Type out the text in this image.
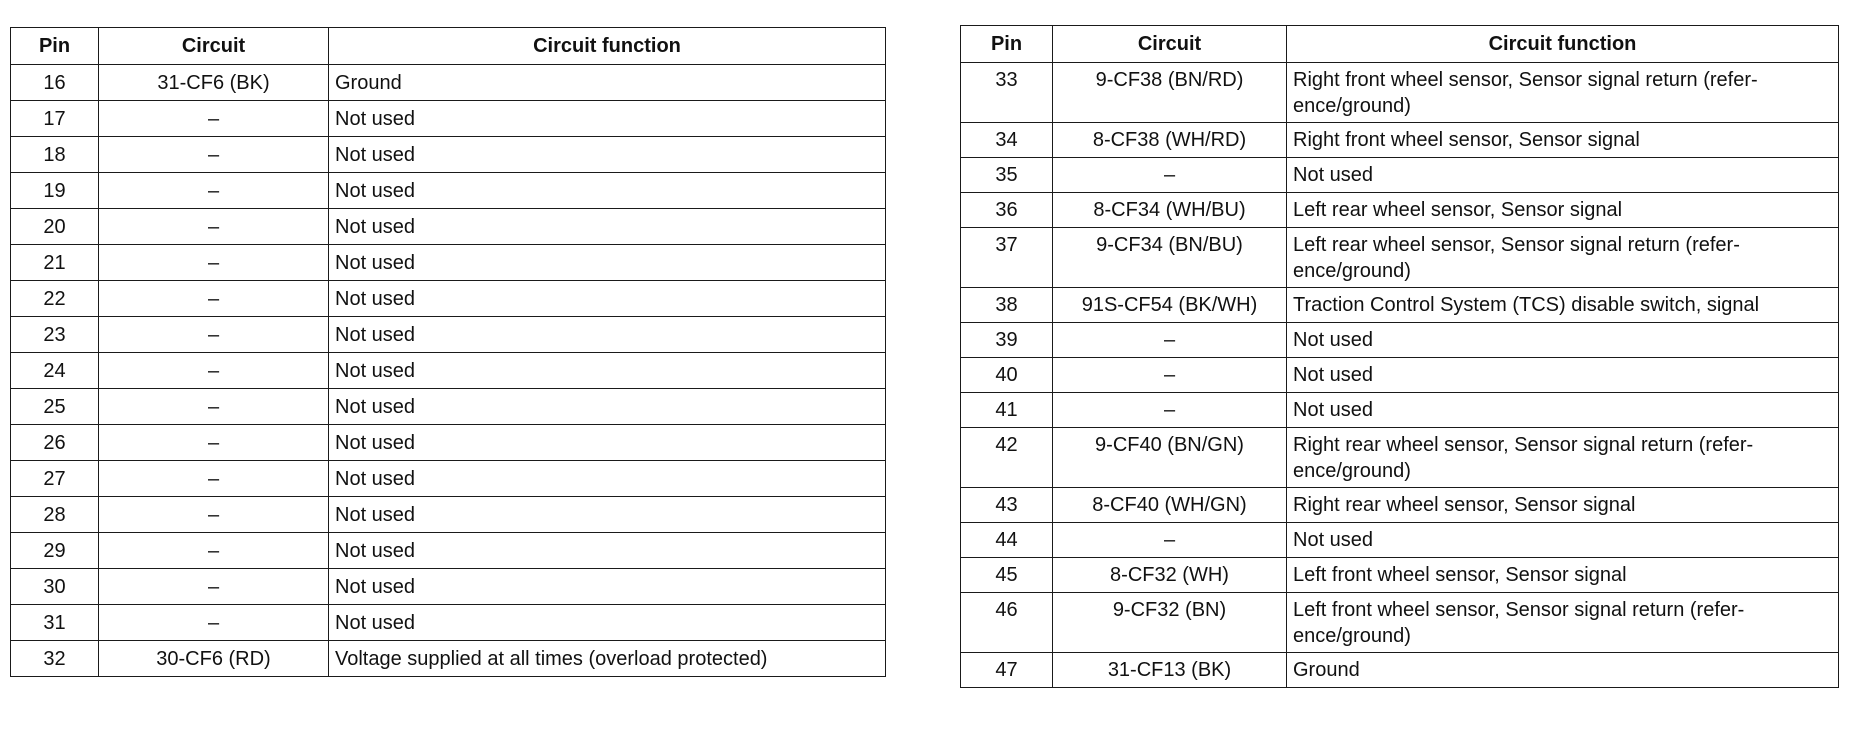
Pin	Circuit	Circuit function
16	31-CF6 (BK)	Ground
17	–	Not used
18	–	Not used
19	–	Not used
20	–	Not used
21	–	Not used
22	–	Not used
23	–	Not used
24	–	Not used
25	–	Not used
26	–	Not used
27	–	Not used
28	–	Not used
29	–	Not used
30	–	Not used
31	–	Not used
32	30-CF6 (RD)	Voltage supplied at all times (overload protected)
Pin	Circuit	Circuit function
33	9-CF38 (BN/RD)	Right front wheel sensor, Sensor signal return (refer-ence/ground)
34	8-CF38 (WH/RD)	Right front wheel sensor, Sensor signal
35	–	Not used
36	8-CF34 (WH/BU)	Left rear wheel sensor, Sensor signal
37	9-CF34 (BN/BU)	Left rear wheel sensor, Sensor signal return (refer-ence/ground)
38	91S-CF54 (BK/WH)	Traction Control System (TCS) disable switch, signal
39	–	Not used
40	–	Not used
41	–	Not used
42	9-CF40 (BN/GN)	Right rear wheel sensor, Sensor signal return (refer-ence/ground)
43	8-CF40 (WH/GN)	Right rear wheel sensor, Sensor signal
44	–	Not used
45	8-CF32 (WH)	Left front wheel sensor, Sensor signal
46	9-CF32 (BN)	Left front wheel sensor, Sensor signal return (refer-ence/ground)
47	31-CF13 (BK)	Ground
